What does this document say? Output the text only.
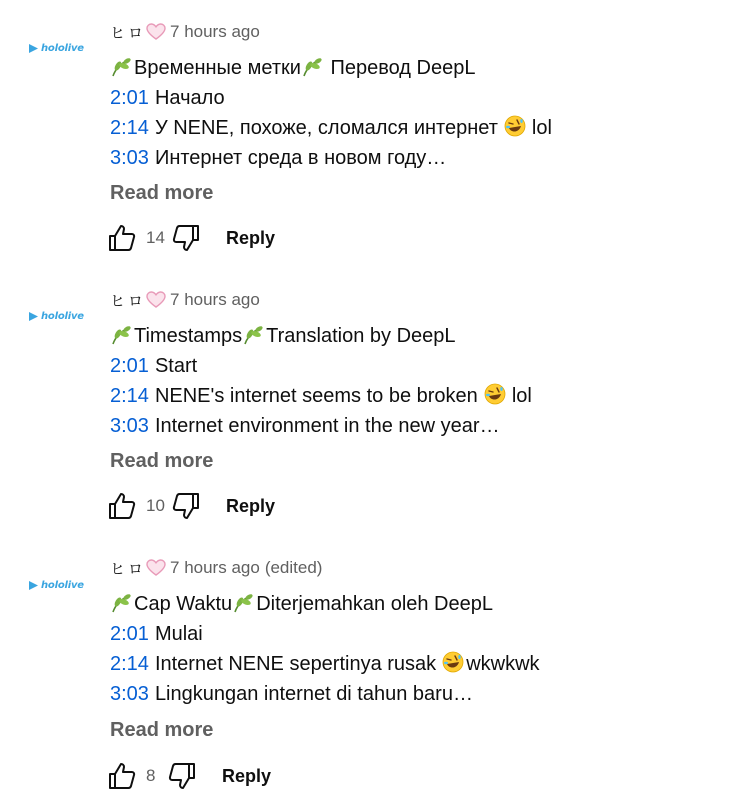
hololive
ヒロ 7 hours ago
Временные метки Перевод DeepL
2:01 Начало
2:14 У NENE, похоже, сломался интернет lol
3:03 Интернет среда в новом году…
Read more
14	Reply
hololive
ヒロ 7 hours ago
Timestamps Translation by DeepL
2:01 Start
2:14 NENE's internet seems to be broken lol
3:03 Internet environment in the new year…
Read more
10	Reply
hololive
ヒロ 7 hours ago (edited)
Cap Waktu Diterjemahkan oleh DeepL
2:01 Mulai
2:14 Internet NENE sepertinya rusak wkwkwk
3:03 Lingkungan internet di tahun baru…
Read more
8	Reply
